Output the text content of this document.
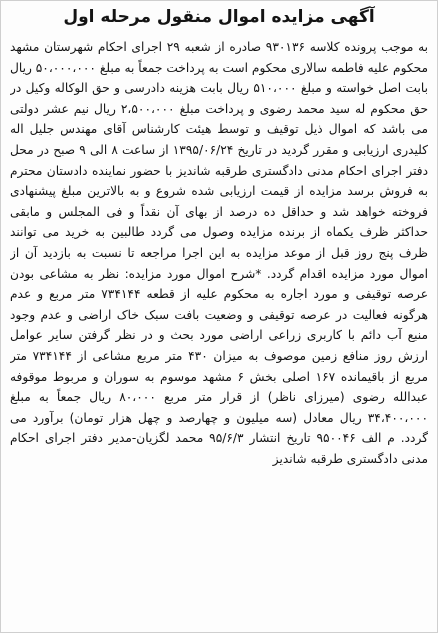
آگهی مزایده اموال منقول مرحله اول
به موجب پرونده کلاسه ۹۳۰۱۳۶ صادره از شعبه ۲۹ اجرای احکام شهرستان مشهد محکوم علیه فاطمه سالاری محکوم است به پرداخت جمعاً به مبلغ ۵۰،۰۰۰،۰۰۰ ریال بابت اصل خواسته و مبلغ ۵۱۰،۰۰۰ ریال بابت هزینه دادرسی و حق الوکاله وکیل در حق محکوم له سید محمد رضوی و پرداخت مبلغ ۲،۵۰۰،۰۰۰ ریال نیم عشر دولتی می باشد که اموال ذیل توقیف و توسط هیئت کارشناس آقای مهندس جلیل اله کلیدری ارزیابی و مقرر گردید در تاریخ ۱۳۹۵/۰۶/۲۴ از ساعت ۸ الی ۹ صبح در محل دفتر اجرای احکام مدنی دادگستری طرقبه شاندیز با حضور نماینده دادستان محترم به فروش برسد مزایده از قیمت ارزیابی شده شروع و به بالاترین مبلغ پیشنهادی فروخته خواهد شد و حداقل ده درصد از بهای آن نقداً و فی المجلس و مابقی حداکثر ظرف یکماه از برنده مزایده وصول می گردد طالبین به خرید می توانند ظرف پنج روز قبل از موعد مزایده به این اجرا مراجعه تا نسبت به بازدید آن از اموال مورد مزایده اقدام گردد. *شرح اموال مورد مزایده: نظر به مشاعی بودن عرصه توقیفی و مورد اجاره به محکوم علیه از قطعه ۷۳۴۱۴۴ متر مربع و عدم هرگونه فعالیت در عرصه توقیفی و وضعیت بافت سبک خاک اراضی و عدم وجود منبع آب دائم با کاربری زراعی اراضی مورد بحث و در نظر گرفتن سایر عوامل ارزش روز منافع زمین موصوف به میزان ۴۳۰ متر مربع مشاعی از ۷۳۴۱۴۴ متر مربع از باقیمانده ۱۶۷ اصلی بخش ۶ مشهد موسوم به سوران و مربوط موقوفه عبدالله رضوی (میرزای ناظر) از قرار متر مربع ۸۰،۰۰۰ ریال جمعاً به مبلغ ۳۴،۴۰۰،۰۰۰ ریال معادل (سه میلیون و چهارصد و چهل هزار تومان) برآورد می گردد. م الف ۹۵۰۰۴۶ تاریخ انتشار ۹۵/۶/۳ محمد لگزیان-مدیر دفتر اجرای احکام مدنی دادگستری طرقبه شاندیز
